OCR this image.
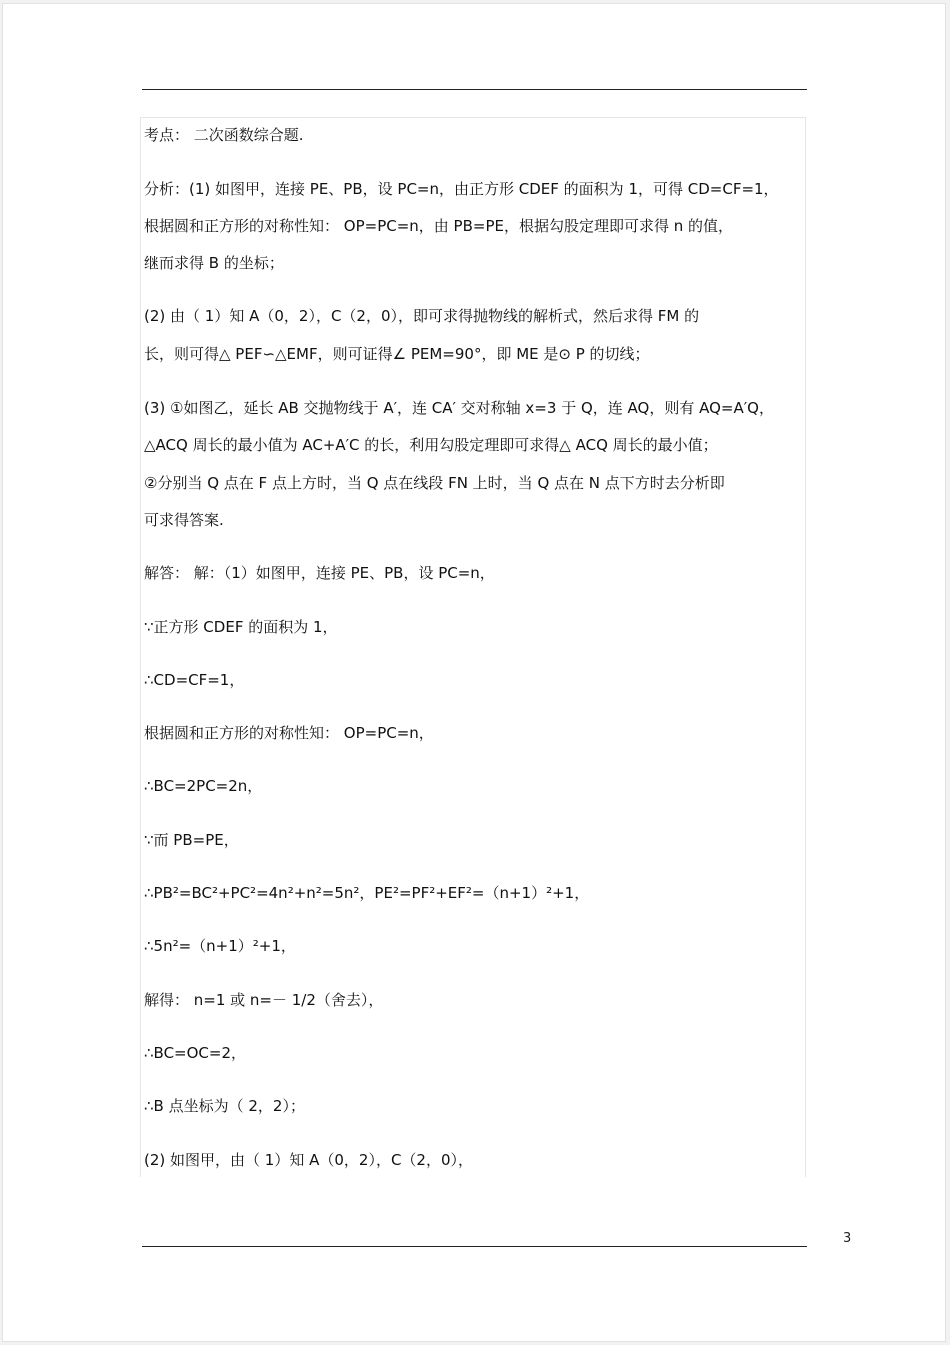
考点： 二次函数综合题.
分析：(1) 如图甲，连接 PE、PB，设 PC=n，由正方形 CDEF 的面积为 1，可得 CD=CF=1，
根据圆和正方形的对称性知： OP=PC=n，由 PB=PE，根据勾股定理即可求得 n 的值，
继而求得 B 的坐标；
(2) 由（ 1）知 A（0，2），C（2，0），即可求得抛物线的解析式，然后求得 FM 的
长，则可得△ PEF∽△EMF，则可证得∠ PEM=90°，即 ME 是⊙ P 的切线；
(3) ①如图乙，延长 AB 交抛物线于 A′，连 CA′ 交对称轴 x=3 于 Q，连 AQ，则有 AQ=A′Q，
△ACQ 周长的最小值为 AC+A′C 的长，利用勾股定理即可求得△ ACQ 周长的最小值；
②分别当 Q 点在 F 点上方时，当 Q 点在线段 FN 上时，当 Q 点在 N 点下方时去分析即
可求得答案.
解答： 解：（1）如图甲，连接 PE、PB，设 PC=n，
∵正方形 CDEF 的面积为 1，
∴CD=CF=1，
根据圆和正方形的对称性知： OP=PC=n，
∴BC=2PC=2n，
∵而 PB=PE，
∴PB²=BC²+PC²=4n²+n²=5n²，PE²=PF²+EF²=（n+1）²+1，
∴5n²=（n+1）²+1，
解得： n=1 或 n=－ 1/2（舍去），
∴BC=OC=2，
∴B 点坐标为（ 2，2）；
(2) 如图甲，由（ 1）知 A（0，2），C（2，0），
3
